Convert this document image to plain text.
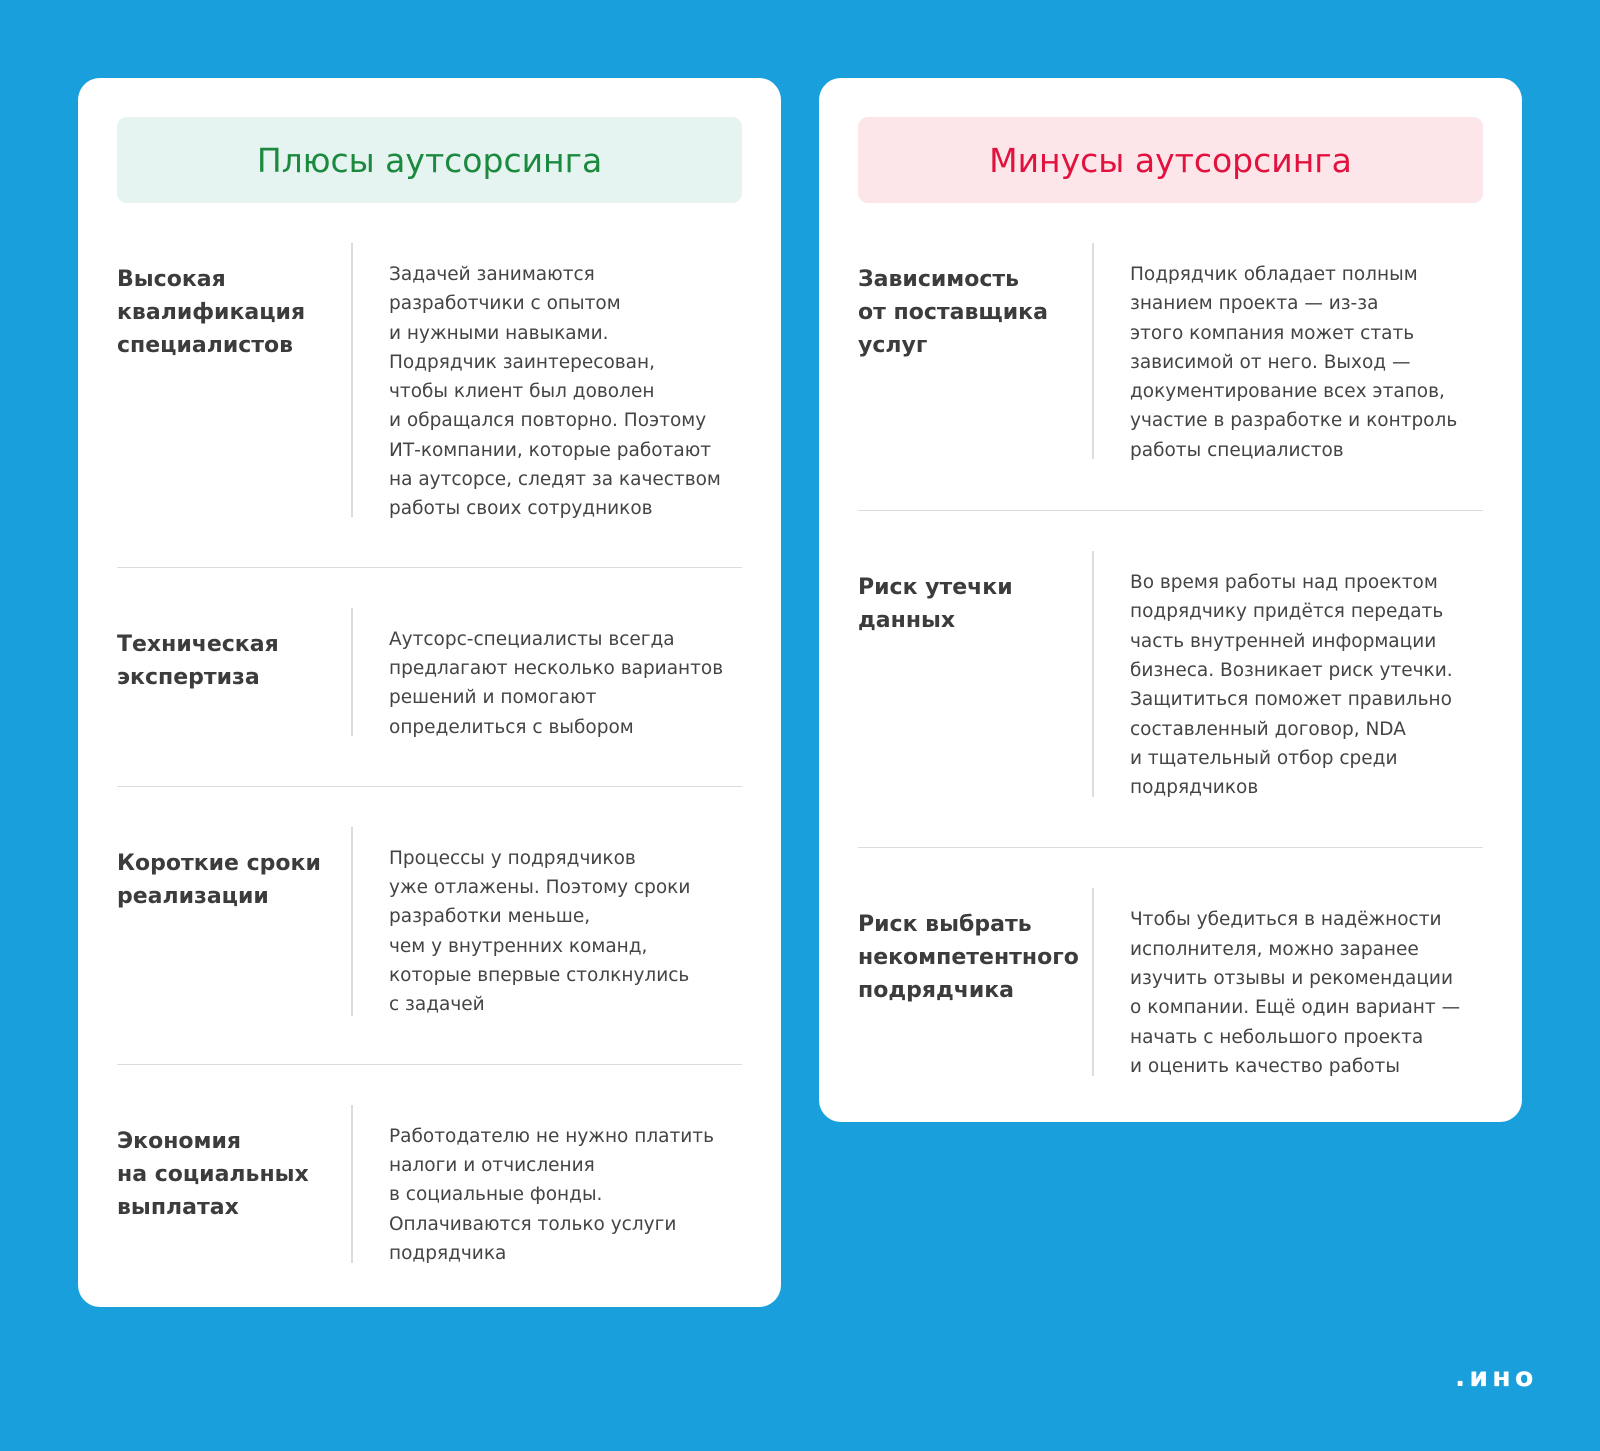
Плюсы аутсорсинга
Высокая
квалификация
специалистов
Задачей занимаются
разработчики с опытом
и нужными навыками.
Подрядчик заинтересован,
чтобы клиент был доволен
и обращался повторно. Поэтому
ИТ-компании, которые работают
на аутсорсе, следят за качеством
работы своих сотрудников
Техническая
экспертиза
Аутсорс-специалисты всегда
предлагают несколько вариантов
решений и помогают
определиться с выбором
Короткие сроки
реализации
Процессы у подрядчиков
уже отлажены. Поэтому сроки
разработки меньше,
чем у внутренних команд,
которые впервые столкнулись
с задачей
Экономия
на социальных
выплатах
Работодателю не нужно платить
налоги и отчисления
в социальные фонды.
Оплачиваются только услуги
подрядчика
Минусы аутсорсинга
Зависимость
от поставщика
услуг
Подрядчик обладает полным
знанием проекта — из-за
этого компания может стать
зависимой от него. Выход —
документирование всех этапов,
участие в разработке и контроль
работы специалистов
Риск утечки
данных
Во время работы над проектом
подрядчику придётся передать
часть внутренней информации
бизнеса. Возникает риск утечки.
Защититься поможет правильно
составленный договор, NDA
и тщательный отбор среди
подрядчиков
Риск выбрать
некомпетентного
подрядчика
Чтобы убедиться в надёжности
исполнителя, можно заранее
изучить отзывы и рекомендации
о компании. Ещё один вариант —
начать с небольшого проекта
и оценить качество работы
.ино
